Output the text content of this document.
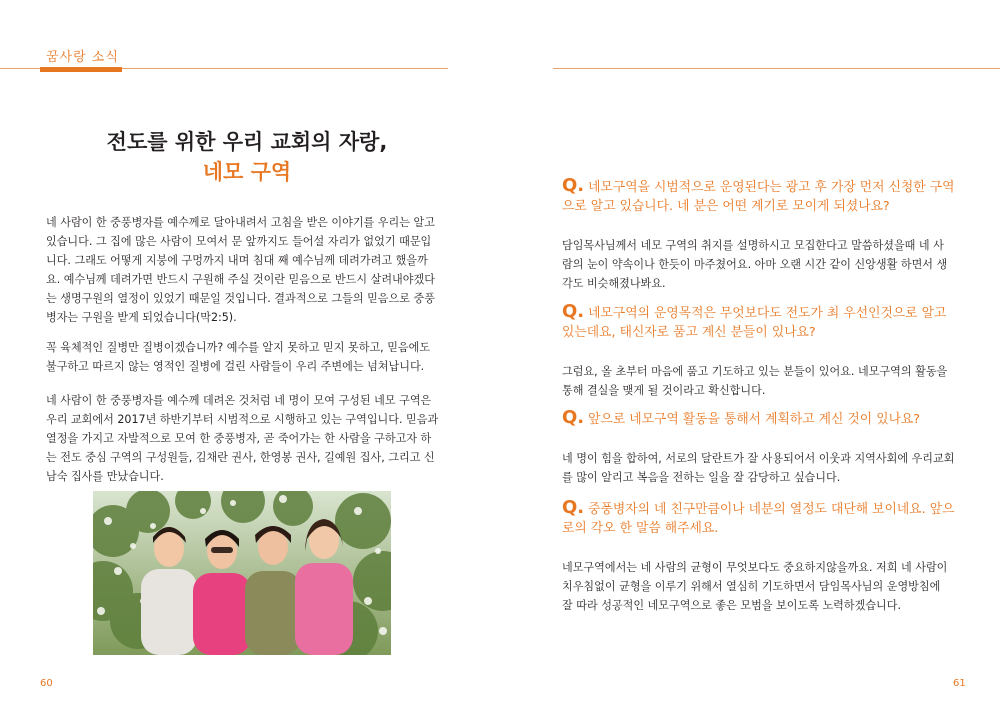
꿈사랑 소식
전도를 위한 우리 교회의 자랑,
네모 구역
네 사람이 한 중풍병자를 예수께로 달아내려서 고침을 받은 이야기를 우리는 알고
있습니다. 그 집에 많은 사람이 모여서 문 앞까지도 들어설 자리가 없었기 때문입
니다. 그래도 어떻게 지붕에 구멍까지 내며 침대 째 예수님께 데려가려고 했을까
요. 예수님께 데려가면 반드시 구원해 주실 것이란 믿음으로 반드시 살려내야겠다
는 생명구원의 열정이 있었기 때문일 것입니다. 결과적으로 그들의 믿음으로 중풍
병자는 구원을 받게 되었습니다(막2:5).
꼭 육체적인 질병만 질병이겠습니까? 예수를 알지 못하고 믿지 못하고, 믿음에도
불구하고 따르지 않는 영적인 질병에 걸린 사람들이 우리 주변에는 넘쳐납니다.
네 사람이 한 중풍병자를 예수께 데려온 것처럼 네 명이 모여 구성된 네모 구역은
우리 교회에서 2017년 하반기부터 시범적으로 시행하고 있는 구역입니다. 믿음과
열정을 가지고 자발적으로 모여 한 중풍병자, 곧 죽어가는 한 사람을 구하고자 하
는 전도 중심 구역의 구성원들, 김채란 권사, 한영봉 권사, 길예원 집사, 그리고 신
남숙 집사를 만났습니다.
60
Q. 네모구역을 시범적으로 운영된다는 광고 후 가장 먼저 신청한 구역
으로 알고 있습니다. 네 분은 어떤 계기로 모이게 되셨나요?
담임목사님께서 네모 구역의 취지를 설명하시고 모집한다고 말씀하셨을때 네 사
람의 눈이 약속이나 한듯이 마주쳤어요. 아마 오랜 시간 같이 신앙생활 하면서 생
각도 비슷해졌나봐요.
Q. 네모구역의 운영목적은 무엇보다도 전도가 최 우선인것으로 알고
있는데요, 태신자로 품고 계신 분들이 있나요?
그럼요, 올 초부터 마음에 품고 기도하고 있는 분들이 있어요. 네모구역의 활동을
통해 결실을 맺게 될 것이라고 확신합니다.
Q. 앞으로 네모구역 활동을 통해서 계획하고 계신 것이 있나요?
네 명이 힘을 합하여, 서로의 달란트가 잘 사용되어서 이웃과 지역사회에 우리교회
를 많이 알리고 복음을 전하는 일을 잘 감당하고 싶습니다.
Q. 중풍병자의 네 친구만큼이나 네분의 열정도 대단해 보이네요. 앞으
로의 각오 한 말씀 해주세요.
네모구역에서는 네 사람의 균형이 무엇보다도 중요하지않을까요. 저희 네 사람이
치우침없이 균형을 이루기 위해서 열심히 기도하면서 담임목사님의 운영방침에
잘 따라 성공적인 네모구역으로 좋은 모범을 보이도록 노력하겠습니다.
61
